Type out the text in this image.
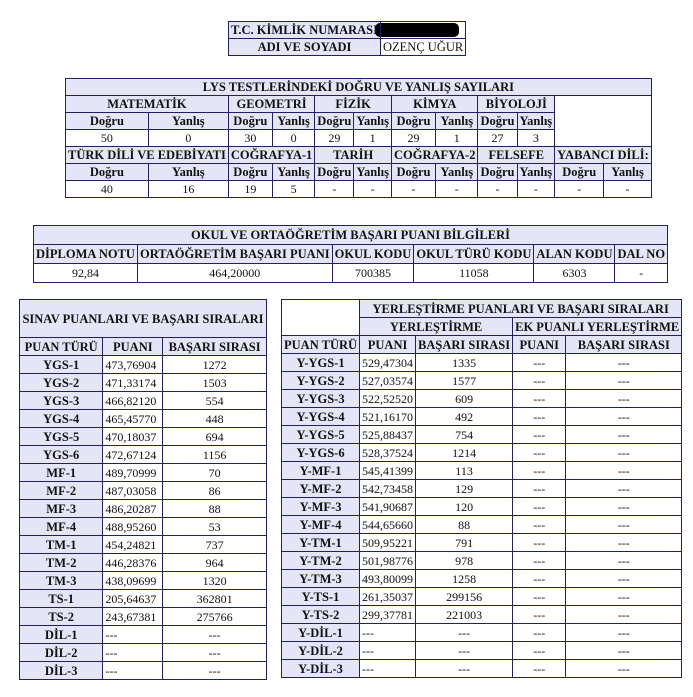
T.C. KİMLİK NUMARASI	

ADI VE SOYADI	OZENÇ UĞUR
LYS TESTLERİNDEKİ DOĞRU VE YANLIŞ SAYILARI											
MATEMATİK		GEOMETRİ		FİZİK		KİMYA		BİYOLOJİ			
Doğru	Yanlış	Doğru	Yanlış	Doğru	Yanlış	Doğru	Yanlış	Doğru	Yanlış		
50	0	30	0	29	1	29	1	27	3		
TÜRK DİLİ VE EDEBİYATI		COĞRAFYA-1		TARİH		COĞRAFYA-2		FELSEFE		YABANCI DİLİ:	
Doğru	Yanlış	Doğru	Yanlış	Doğru	Yanlış	Doğru	Yanlış	Doğru	Yanlış	Doğru	Yanlış
40	16	19	5	-	-	-	-	-	-	-	-
OKUL VE ORTAÖĞRETİM BAŞARI PUANI BİLGİLERİ					
DİPLOMA NOTU	ORTAÖĞRETİM BAŞARI PUANI	OKUL KODU	OKUL TÜRÜ KODU	ALAN KODU	DAL NO
92,84	464,20000	700385	11058	6303	-
SINAV PUANLARI VE BAŞARI SIRALARI		
PUAN TÜRÜ	PUANI	BAŞARI SIRASI
YGS-1	473,76904	1272
YGS-2	471,33174	1503
YGS-3	466,82120	554
YGS-4	465,45770	448
YGS-5	470,18037	694
YGS-6	472,67124	1156
MF-1	489,70999	70
MF-2	487,03058	86
MF-3	486,20287	88
MF-4	488,95260	53
TM-1	454,24821	737
TM-2	446,28376	964
TM-3	438,09699	1320
TS-1	205,64637	362801
TS-2	243,67381	275766
DİL-1	---	---
DİL-2	---	---
DİL-3	---	---
	YERLEŞTİRME PUANLARI VE BAŞARI SIRALARI			
	YERLEŞTİRME		EK PUANLI YERLEŞTİRME	
PUAN TÜRÜ	PUANI	BAŞARI SIRASI	PUANI	BAŞARI SIRASI
Y-YGS-1	529,47304	1335	---	---
Y-YGS-2	527,03574	1577	---	---
Y-YGS-3	522,52520	609	---	---
Y-YGS-4	521,16170	492	---	---
Y-YGS-5	525,88437	754	---	---
Y-YGS-6	528,37524	1214	---	---
Y-MF-1	545,41399	113	---	---
Y-MF-2	542,73458	129	---	---
Y-MF-3	541,90687	120	---	---
Y-MF-4	544,65660	88	---	---
Y-TM-1	509,95221	791	---	---
Y-TM-2	501,98776	978	---	---
Y-TM-3	493,80099	1258	---	---
Y-TS-1	261,35037	299156	---	---
Y-TS-2	299,37781	221003	---	---
Y-DİL-1	---	---	---	---
Y-DİL-2	---	---	---	---
Y-DİL-3	---	---	---	---
